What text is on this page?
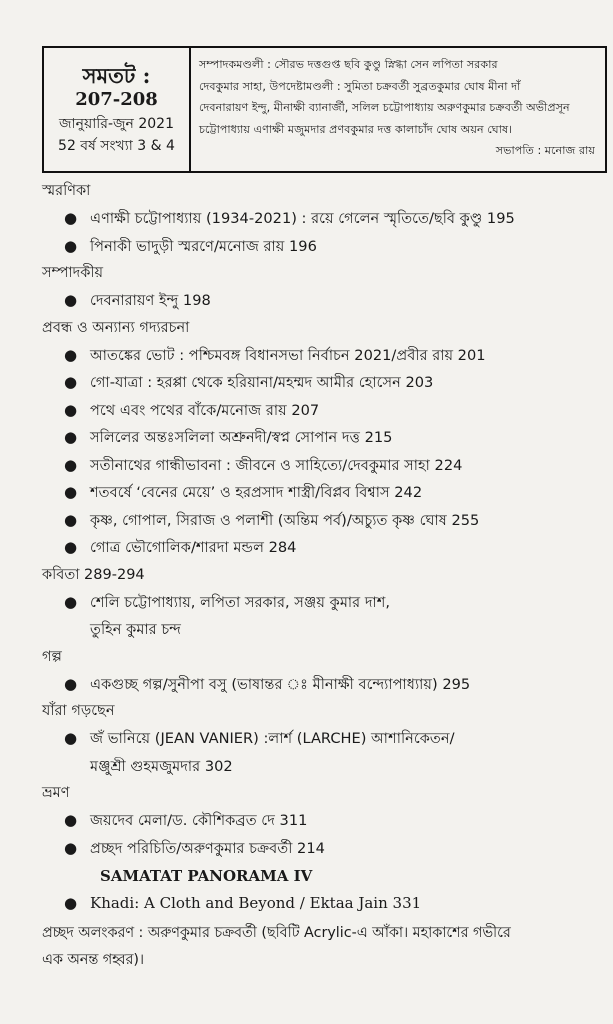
সমতট :
207-208
জানুয়ারি-জুন 2021
52 বর্ষ সংখ্যা 3 & 4
সম্পাদকমণ্ডলী : সৌরভ দত্তগুপ্ত ছবি কুণ্ডু স্নিগ্ধা সেন লপিতা সরকার
দেবকুমার সাহা, উপদেষ্টামণ্ডলী : সুমিতা চক্রবর্তী সুব্রতকুমার ঘোষ মীনা দাঁ
দেবনারায়ণ ইন্দু, মীনাক্ষী ব্যানার্জী, সলিল চট্টোপাধ্যায় অরুণকুমার চক্রবর্তী অভীপ্রসূন
চট্টোপাধ্যায় এণাক্ষী মজুমদার প্রণবকুমার দত্ত কালাচাঁদ ঘোষ অয়ন ঘোষ।
সভাপতি : মনোজ রায়
স্মরণিকা
● এণাক্ষী চট্টোপাধ্যায় (1934-2021) : রয়ে গেলেন স্মৃতিতে/ছবি কুণ্ডু 195
● পিনাকী ভাদুড়ী স্মরণে/মনোজ রায় 196
সম্পাদকীয়
● দেবনারায়ণ ইন্দু 198
প্রবন্ধ ও অন্যান্য গদ্যরচনা
● আতঙ্কের ভোট : পশ্চিমবঙ্গ বিধানসভা নির্বাচন 2021/প্রবীর রায় 201
● গো-যাত্রা : হরপ্পা থেকে হরিয়ানা/মহম্মদ আমীর হোসেন 203
● পথে এবং পথের বাঁকে/মনোজ রায় 207
● সলিলের অন্তঃসলিলা অশ্রুনদী/স্বপ্ন সোপান দত্ত 215
● সতীনাথের গান্ধীভাবনা : জীবনে ও সাহিত্যে/দেবকুমার সাহা 224
● শতবর্ষে ‘বেনের মেয়ে’ ও হরপ্রসাদ শাস্ত্রী/বিপ্লব বিশ্বাস 242
● কৃষ্ণ, গোপাল, সিরাজ ও পলাশী (অন্তিম পর্ব)/অচ্যুত কৃষ্ণ ঘোষ 255
● গোত্র ভৌগোলিক/শারদা মন্ডল 284
কবিতা 289-294
● শেলি চট্টোপাধ্যায়, লপিতা সরকার, সঞ্জয় কুমার দাশ,
তুহিন কুমার চন্দ
গল্প
● একগুচ্ছ গল্প/সুনীপা বসু (ভাষান্তর ঃ মীনাক্ষী বন্দ্যোপাধ্যায়) 295
যাঁরা গড়ছেন
● জঁ ভানিয়ে (JEAN VANIER) :লার্শ (LARCHE) আশানিকেতন/
মঞ্জুশ্রী গুহমজুমদার 302
ভ্রমণ
● জয়দেব মেলা/ড. কৌশিকব্রত দে 311
● প্রচ্ছদ পরিচিতি/অরুণকুমার চক্রবর্তী 214
SAMATAT PANORAMA IV
● Khadi: A Cloth and Beyond / Ektaa Jain 331
প্রচ্ছদ অলংকরণ : অরুণকুমার চক্রবর্তী (ছবিটি Acrylic-এ আঁকা। মহাকাশের গভীরে
এক অনন্ত গহ্বর)।
